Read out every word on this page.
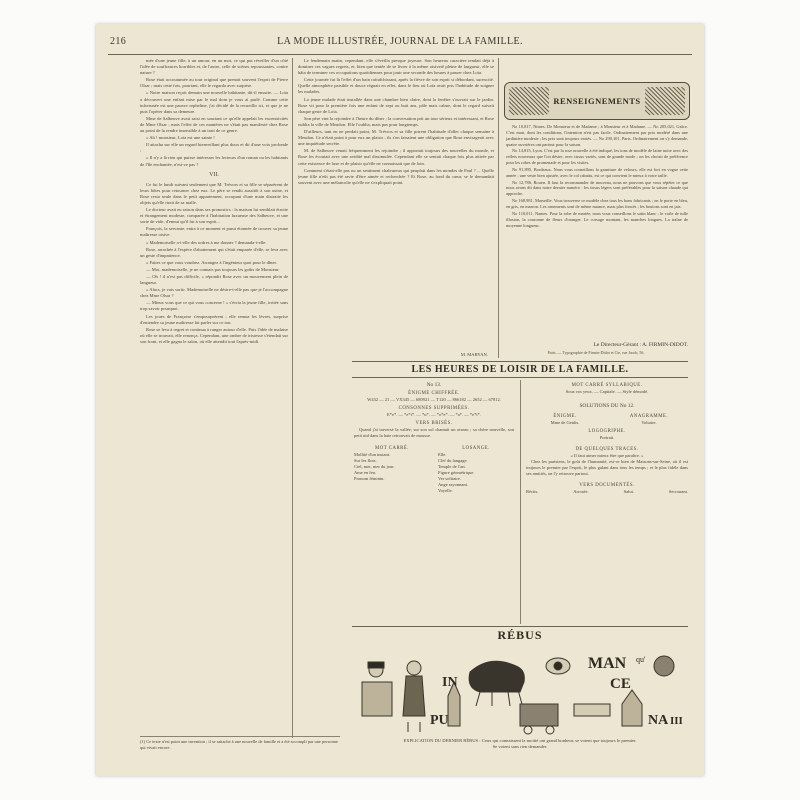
216	LA MODE ILLUSTRÉE, JOURNAL DE LA FAMILLE.

mée d'une jeune fille, à un amour, en un mot, ce qui put réveiller d'un côté l'idée de souffrances horribles et, de l'autre, celle de scènes repoussantes, contre nature ?

Rose était accoutumée au tour original que prenait souvent l'esprit de Pierre Olsar ; mais cette fois, pourtant, elle le regarda avec surprise.

« Notre maison reçoit demain une nouvelle habitante, dit-il ensuite. — Loïa a découvert une enfant mise par le mal dont je vous ai parlé. Comme cette infortunée est une pauvre orpheline, j'ai décidé de la recueillir ici, et que je ne puis l'opérer dans sa demeure.

Mme de Salbeuve avait saisi en souriant ce qu'elle appelait les excentricités de Mme Olsar ; mais l'effet de ces manières ne s'était pas manifesté chez Rose au point de la rendre insensible à un trait de ce genre.

« Ah ! monsieur, Loïa est une sainte !

Il attacha sur elle un regard bienveillant plus doux et dit d'une voix profonde :

« Il n'y a là rien qui puisse intéresser les lecteurs d'un roman ou les habitants de l'île enchantée, n'est-ce pas ?

VII.

Ce fut le lundi suivant seulement que M. Trévors et sa fille se séparèrent de leurs hôtes pour retourner chez eux. Le père se rendit aussitôt à son usine, et Rose resta seule dans le petit appartement, occupant d'une main distraite les objets qu'elle tirait de sa malle.

Le docteur avait eu raison dans ses pronostics : la maison lui semblait étroite et étrangement modeste, comparée à l'habitation luxueuse des Salbeuve, et une sorte de vide, d'ennui qu'il fut à son esprit...

François, la servante, entra à ce moment et parut étonnée de trouver sa jeune maîtresse oisive.

« Mademoiselle a-t-elle des ordres à me donner ? demanda-t-elle.

Rose, arrachée à l'espèce d'abattement qui s'était emparée d'elle, se leva avec un geste d'impatience.

« Faites ce que vous voudrez. Arrangez à l'ingénieur quoi pour le dîner.

— Moi, mademoiselle, je ne connais pas toujours les goûts de Monsieur.

— Oh ! il n'est pas difficile, » répondit Rose avec un mouvement plein de langueur.

« Alors, je vais sortir. Mademoiselle ne désire-t-elle pas que je l'accompagne chez Mme Olsar ?

— Mieux vous que ce qui vous concerne ! » s'écria la jeune fille, irritée sans trop savoir pourquoi.

Les joues de Françoise s'empourprèrent ; elle remua les lèvres, surprise d'entendre sa jeune maîtresse lui parler sur ce ton.

Rose se leva à regret et continua à ranger autour d'elle. Puis l'idée de malaise où elle se trouvait, elle renonça. Cependant, une ombre de tristesse s'étendait sur son front, et elle gagna le salon, où elle attendit tout l'après-midi.

Le lendemain matin, cependant, elle s'éveilla presque joyeuse. Son heureux caractère tendait déjà à dominer ces vagues regrets, et, bien que tentée de se livrer à la même oisiveté pleine de langueur, elle se hâta de terminer ces occupations quotidiennes pour jouir une seconde des heures à passer chez Loïa.

Cette journée fut là l'effet d'un bain rafraîchissant, après la fièvre de son esprit si débordant, surexcité. Quelle atmosphère paisible et douce régnait en effet, dans le lieu où Loïa avait pris l'habitude de soigner les malades.

La jeune malade était installée dans une chambre bien claire, dont la fenêtre s'ouvrait sur le jardin. Rose vit pour la première fois une enfant de sept ou huit ans, pâle mais calme, dont le regard suivait chaque geste de Loïa.

Son père vint la rejoindre à l'heure du dîner ; la conversation prit un tour sérieux et intéressant, et Rose oublia la ville de Meudon. Elle l'oublia, mais pas pour longtemps.

D'ailleurs, tant en ne perdait point, M. Trévors et sa fille prirent l'habitude d'aller chaque semaine à Meudon. Ce n'était point à pour eux un plaisir ; ils s'en faisaient une obligation que Rose envisageait avec une inquiétude secrète.

M. de Salbeuve venait fréquemment les rejoindre ; il apportait toujours des nouvelles du monde, et Rose les écoutait avec une avidité mal dissimulée. Cependant elle se sentait chaque fois plus attirée par cette existence de luxe et de plaisir qu'elle ne connaissait que de loin.

Comment s'était-elle pas ou un sentiment chaleureux qui peuplait dans les mondes de Paul ? ... Quelle jeune fille n'eût pas été ravie d'être aimée et recherchée ? Et Rose, au fond du cœur, se le demandait souvent avec une mélancolie qu'elle ne s'expliquait point.

M. MARYAN.

RENSEIGNEMENTS

No 10,817, Nimes. De Monsieur et de Madame ; à Monsieur et à Madame. — No 205,021, Grâce. C'est mon, dont les conditions, l'intention n'est pas facile. Ordinairement par prix modéré dans une jardinière modeste ; les prix sont toujours variés. — No 290,101, Paris. Ordinairement on s'y demande, quatre ouvrières ont partout pour la saison.

No 14,815, Lyon. C'est par la rose nouvelle à été indiqué, les tons de modèle de laine noire avec des reflets nouveaux que l'on désire, avec tissus variés, sont de grande mode ; on les choisit de préférence pour les robes de promenade et pour les visites.

No 91,895, Bordeaux. Nous vous conseillons la garniture de velours, elle est fort en vogue cette année ; une veste bien ajustée, avec le col rabattu, est ce qui convient le mieux à votre taille.

No 12,786, Rouen. Il faut la recommander de nouveau, nous ne pouvons que vous répéter ce que nous avons dit dans notre dernier numéro : les tissus légers sont préférables pour la saison chaude qui approche.

No 168,981, Marseille. Vous trouverez ce modèle chez tous les bons fabricants ; on le porte en bleu, en gris, en marron. Les ornements sont de même nuance, mais plus foncés ; les boutons sont en jais.

No 110,011, Nantes. Pour la robe de mariée, nous vous conseillons le satin blanc ; le voile de tulle illusion, la couronne de fleurs d'oranger. Le corsage montant, les manches longues. La traîne de moyenne longueur.

Le Directeur-Gérant : A. FIRMIN-DIDOT.
Paris. — Typographie de Firmin-Didot et Cie, rue Jacob, 56.
LES HEURES DE LOISIR DE LA FAMILLE.
No 13.
ÉNIGME CHIFFRÉE.
W432 — 21 — VX345 — 680921 — T120 — 866182 — 2652 — 67812.
CONSONNES SUPPRIMÉES.
E*e*. — *e*t*. — *u*. — *o*e*. — *a*. — *e*t*.
VERS BRISÉS.

Quand j'ai traversé la vallée, sur son sol chantait un oiseau ; sa chère nouvelle, son petit nid dans la haie retrouvait de mousse.

MOT CARRÉ.
Mollité d'un instant.
Sur les flots.
Ciel, mer, mer du jour.
Ame en feu.
Pronom féminin.
LOSANGE.
Elle.
Clef du langage.
Temple de l'art.
Figure géométrique.
Ver solitaire.
Ange rayonnant.
Voyelle.
MOT CARRÉ SYLLABIQUE.
Sous vos yeux. — Capitale. — Style démodé.
SOLUTIONS DU No 12.
ÉNIGME.
Mme de Genlis.
ANAGRAMME.
Voltaire.
LOGOGRIPHE.
Portrait.
DE QUELQUES TRACES.
« Il faut aimer mieux être que paraître. »

Chez les parisiens, le goût de l'humanité, est-ce bien de Maisons-sur-Seine, où il est toujours le premier par l'esprit, le plus galant dans tous les temps ; et le plus fidèle dans ses amitiés, on l'y retrouve partout.

VERS DOCUMENTÉS.
Récits.	Arrosée.	Salut.	Secourant.
RÉBUS
IN
MAN qu'
CE
PU	NA III
EXPLICATION DU DERNIER RÉBUS : Ceux qui connaissent la moitié ont grand bonheur, se voient que toujours le premier.
Se voient sans rien demander.
(1) Ce texte n'est point une invention ; il se rattache à une nouvelle de famille et a été accompli par une personne qui vivait encore.
